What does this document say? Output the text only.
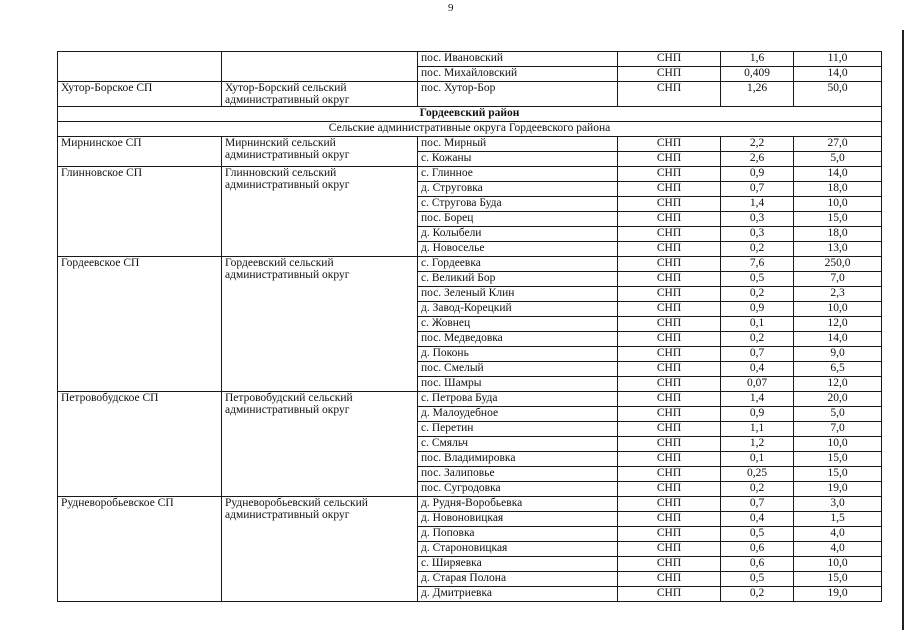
9
		пос. Ивановский	СНП	1,6	11,0
		пос. Михайловский	СНП	0,409	14,0
Хутор-Борское СП	Хутор-Борский сельский административный округ	пос. Хутор-Бор	СНП	1,26	50,0
Гордеевский район					
Сельские административные округа Гордеевского района					
Мирнинское СП	Мирнинский сельский административный округ	пос. Мирный	СНП	2,2	27,0
		с. Кожаны	СНП	2,6	5,0
Глинновское СП	Глинновский сельский административный округ	с. Глинное	СНП	0,9	14,0
		д. Струговка	СНП	0,7	18,0
		с. Стругова Буда	СНП	1,4	10,0
		пос. Борец	СНП	0,3	15,0
		д. Колыбели	СНП	0,3	18,0
		д. Новоселье	СНП	0,2	13,0
Гордеевское СП	Гордеевский сельский административный округ	с. Гордеевка	СНП	7,6	250,0
		с. Великий Бор	СНП	0,5	7,0
		пос. Зеленый Клин	СНП	0,2	2,3
		д. Завод-Корецкий	СНП	0,9	10,0
		с. Жовнец	СНП	0,1	12,0
		пос. Медведовка	СНП	0,2	14,0
		д. Поконь	СНП	0,7	9,0
		пос. Смелый	СНП	0,4	6,5
		пос. Шамры	СНП	0,07	12,0
Петровобудское СП	Петровобудский сельский административный округ	с. Петрова Буда	СНП	1,4	20,0
		д. Малоудебное	СНП	0,9	5,0
		с. Перетин	СНП	1,1	7,0
		с. Смяльч	СНП	1,2	10,0
		пос. Владимировка	СНП	0,1	15,0
		пос. Залиповье	СНП	0,25	15,0
		пос. Сугродовка	СНП	0,2	19,0
Рудневоробьевское СП	Рудневоробьевский сельский административный округ	д. Рудня-Воробьевка	СНП	0,7	3,0
		д. Новоновицкая	СНП	0,4	1,5
		д. Поповка	СНП	0,5	4,0
		д. Староновицкая	СНП	0,6	4,0
		с. Ширяевка	СНП	0,6	10,0
		д. Старая Полона	СНП	0,5	15,0
		д. Дмитриевка	СНП	0,2	19,0
